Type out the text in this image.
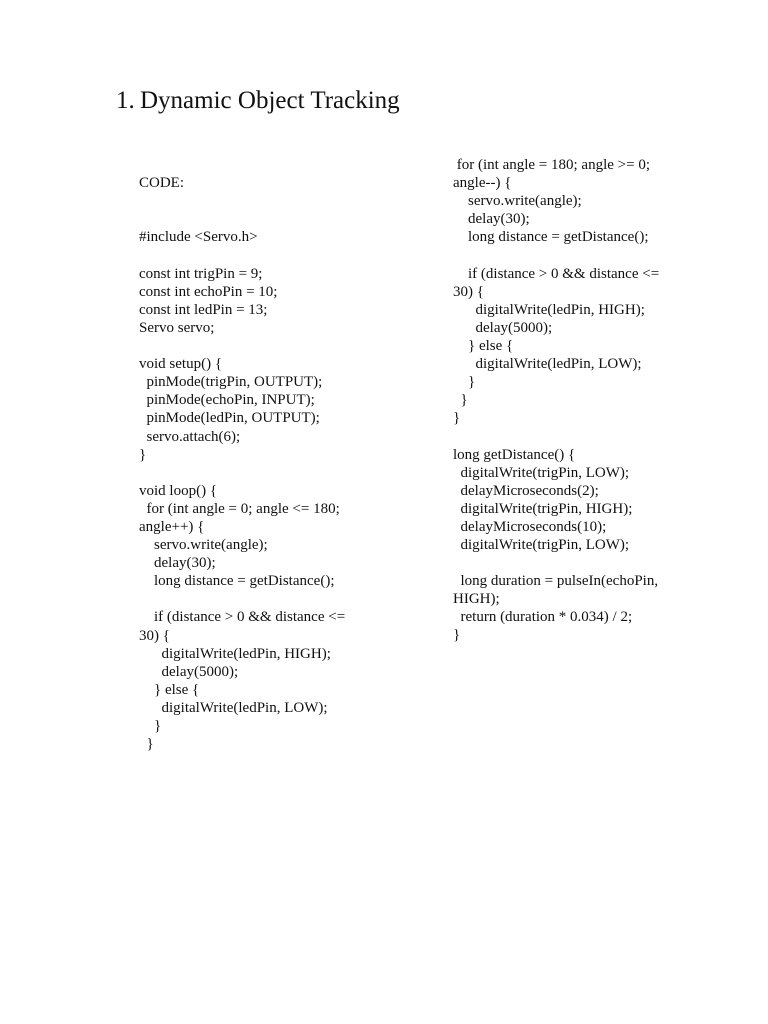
1. Dynamic Object Tracking

CODE:

#include <Servo.h>
const int trigPin = 9;
const int echoPin = 10;
const int ledPin = 13;
Servo servo;
void setup() {
pinMode(trigPin, OUTPUT);
pinMode(echoPin, INPUT);
pinMode(ledPin, OUTPUT);
servo.attach(6);
}
void loop() {
for (int angle = 0; angle <= 180;
angle++) {
servo.write(angle);
delay(30);
long distance = getDistance();
if (distance > 0 && distance <=
30) {
digitalWrite(ledPin, HIGH);
delay(5000);
} else {
digitalWrite(ledPin, LOW);
}
}
for (int angle = 180; angle >= 0;
angle--) {
servo.write(angle);
delay(30);
long distance = getDistance();
if (distance > 0 && distance <=
30) {
digitalWrite(ledPin, HIGH);
delay(5000);
} else {
digitalWrite(ledPin, LOW);
}
}
}
long getDistance() {
digitalWrite(trigPin, LOW);
delayMicroseconds(2);
digitalWrite(trigPin, HIGH);
delayMicroseconds(10);
digitalWrite(trigPin, LOW);
long duration = pulseIn(echoPin,
HIGH);
return (duration * 0.034) / 2;
}
